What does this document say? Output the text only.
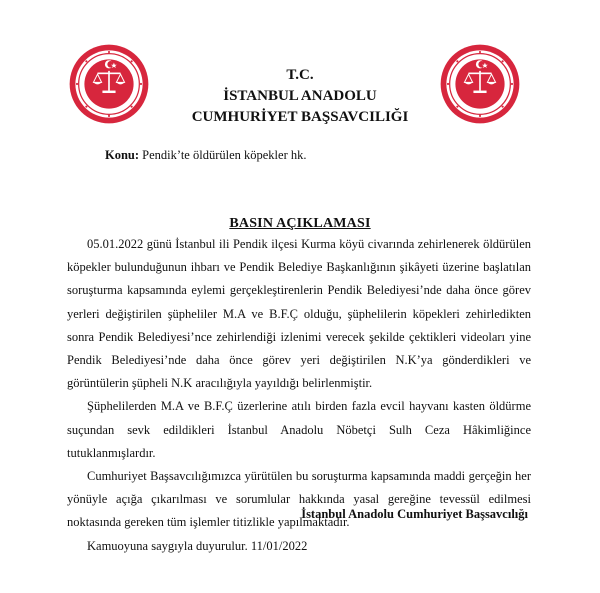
T.C.
İSTANBUL ANADOLU
CUMHURİYET BAŞSAVCILIĞI
Konu: Pendik’te öldürülen köpekler hk.
BASIN AÇIKLAMASI

05.01.2022 günü İstanbul ili Pendik ilçesi Kurma köyü civarında zehirlenerek öldürülen köpekler bulunduğunun ihbarı ve Pendik Belediye Başkanlığının şikâyeti üzerine başlatılan soruşturma kapsamında eylemi gerçekleştirenlerin Pendik Belediyesi’nde daha önce görev yerleri değiştirilen şüpheliler M.A ve B.F.Ç olduğu, şüphelilerin köpekleri zehirledikten sonra Pendik Belediyesi’nce zehirlendiği izlenimi verecek şekilde çektikleri videoları yine Pendik Belediyesi’nde daha önce görev yeri değiştirilen N.K’ya gönderdikleri ve görüntülerin şüpheli N.K aracılığıyla yayıldığı belirlenmiştir.

Şüphelilerden M.A ve B.F.Ç üzerlerine atılı birden fazla evcil hayvanı kasten öldürme suçundan sevk edildikleri İstanbul Anadolu Nöbetçi Sulh Ceza Hâkimliğince tutuklanmışlardır.

Cumhuriyet Başsavcılığımızca yürütülen bu soruşturma kapsamında maddi gerçeğin her yönüyle açığa çıkarılması ve sorumlular hakkında yasal gereğine tevessül edilmesi noktasında gereken tüm işlemler titizlikle yapılmaktadır.

Kamuoyuna saygıyla duyurulur. 11/01/2022

İstanbul Anadolu Cumhuriyet Başsavcılığı
